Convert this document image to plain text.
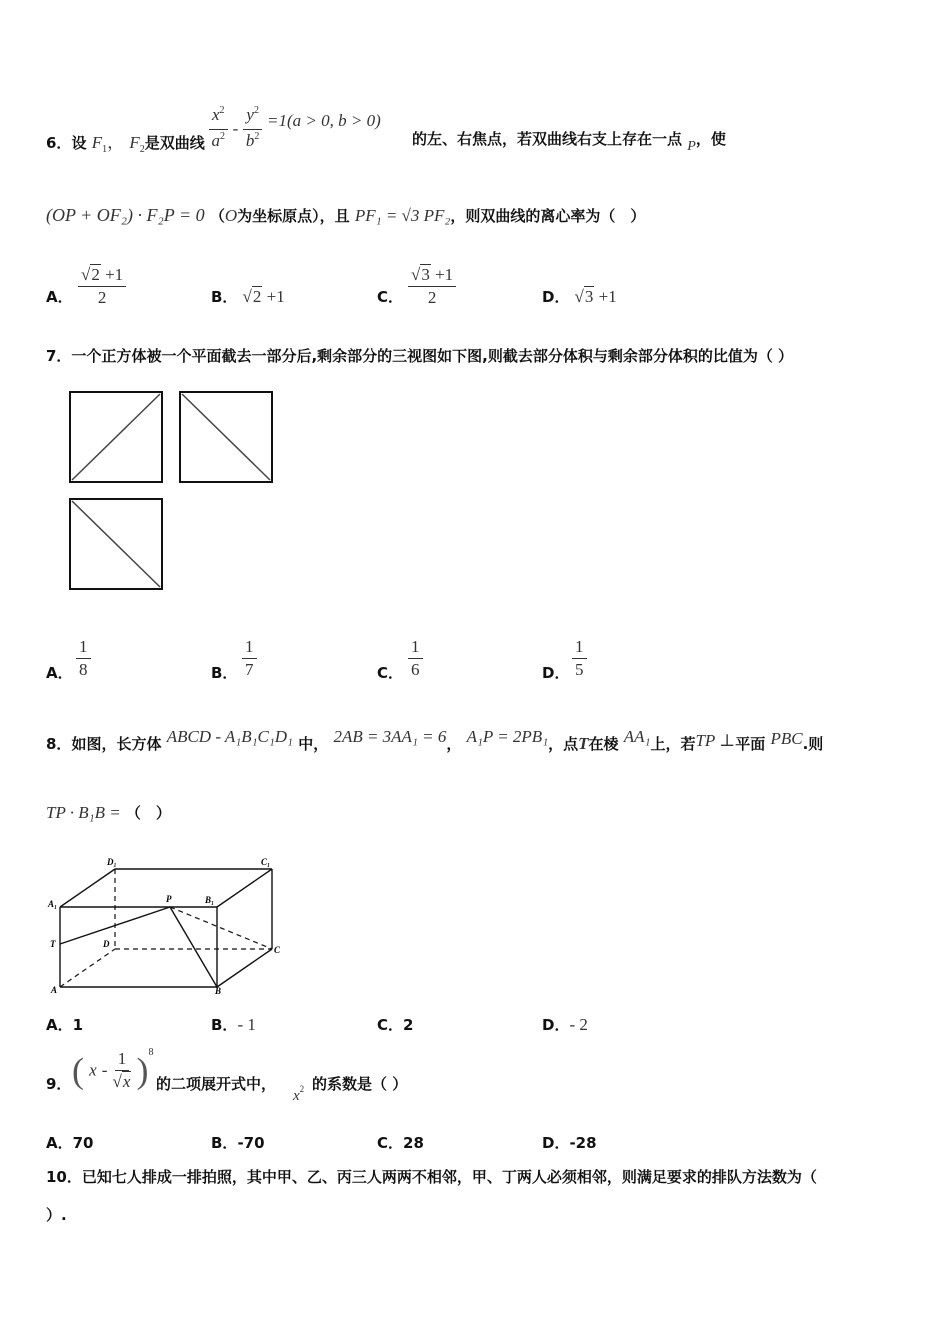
6．设 $F_1$， $F_2$是双曲线 $\frac{x^2}{a^2} - \frac{y^2}{b^2} =1(a > 0$, b > 0)
的左、右焦点，若双曲线右支上存在一点 P，使
(OP + OF₂) · F₂P = 0 （O为坐标原点），且 PF₁ = √3 PF₂，则双曲线的离心率为（　）
A． $\frac{√2 +1}{2}$	B． √2 +1	C． $\frac{√3 +1}{2}$	D． √3 +1
7．一个正方体被一个平面截去一部分后,剩余部分的三视图如下图,则截去部分体积与剩余部分体积的比值为（ ）
A． $\frac{1}{8}$	B． $\frac{1}{7}$	C． $\frac{1}{6}$	D． $\frac{1}{5}$
8．如图，长方体 ABCD - A₁B₁C₁D₁ 中， 2AB = 3AA₁ = 6， A₁P = 2PB₁，点T在棱 AA₁上，若TP ⊥平面 PBC.则
TP · B₁B = （　）
D₁	C₁
A₁	P	B₁
T	D
C
A	B
A．1	B．- 1	C．2	D．- 2
9． ( x - $\frac{1}{√x} )^8$
的二项展开式中，
$x^2$ 的系数是（ ）
A．70	B．-70	C．28	D．-28
10．已知七人排成一排拍照，其中甲、乙、丙三人两两不相邻，甲、丁两人必须相邻，则满足要求的排队方法数为（
）.
